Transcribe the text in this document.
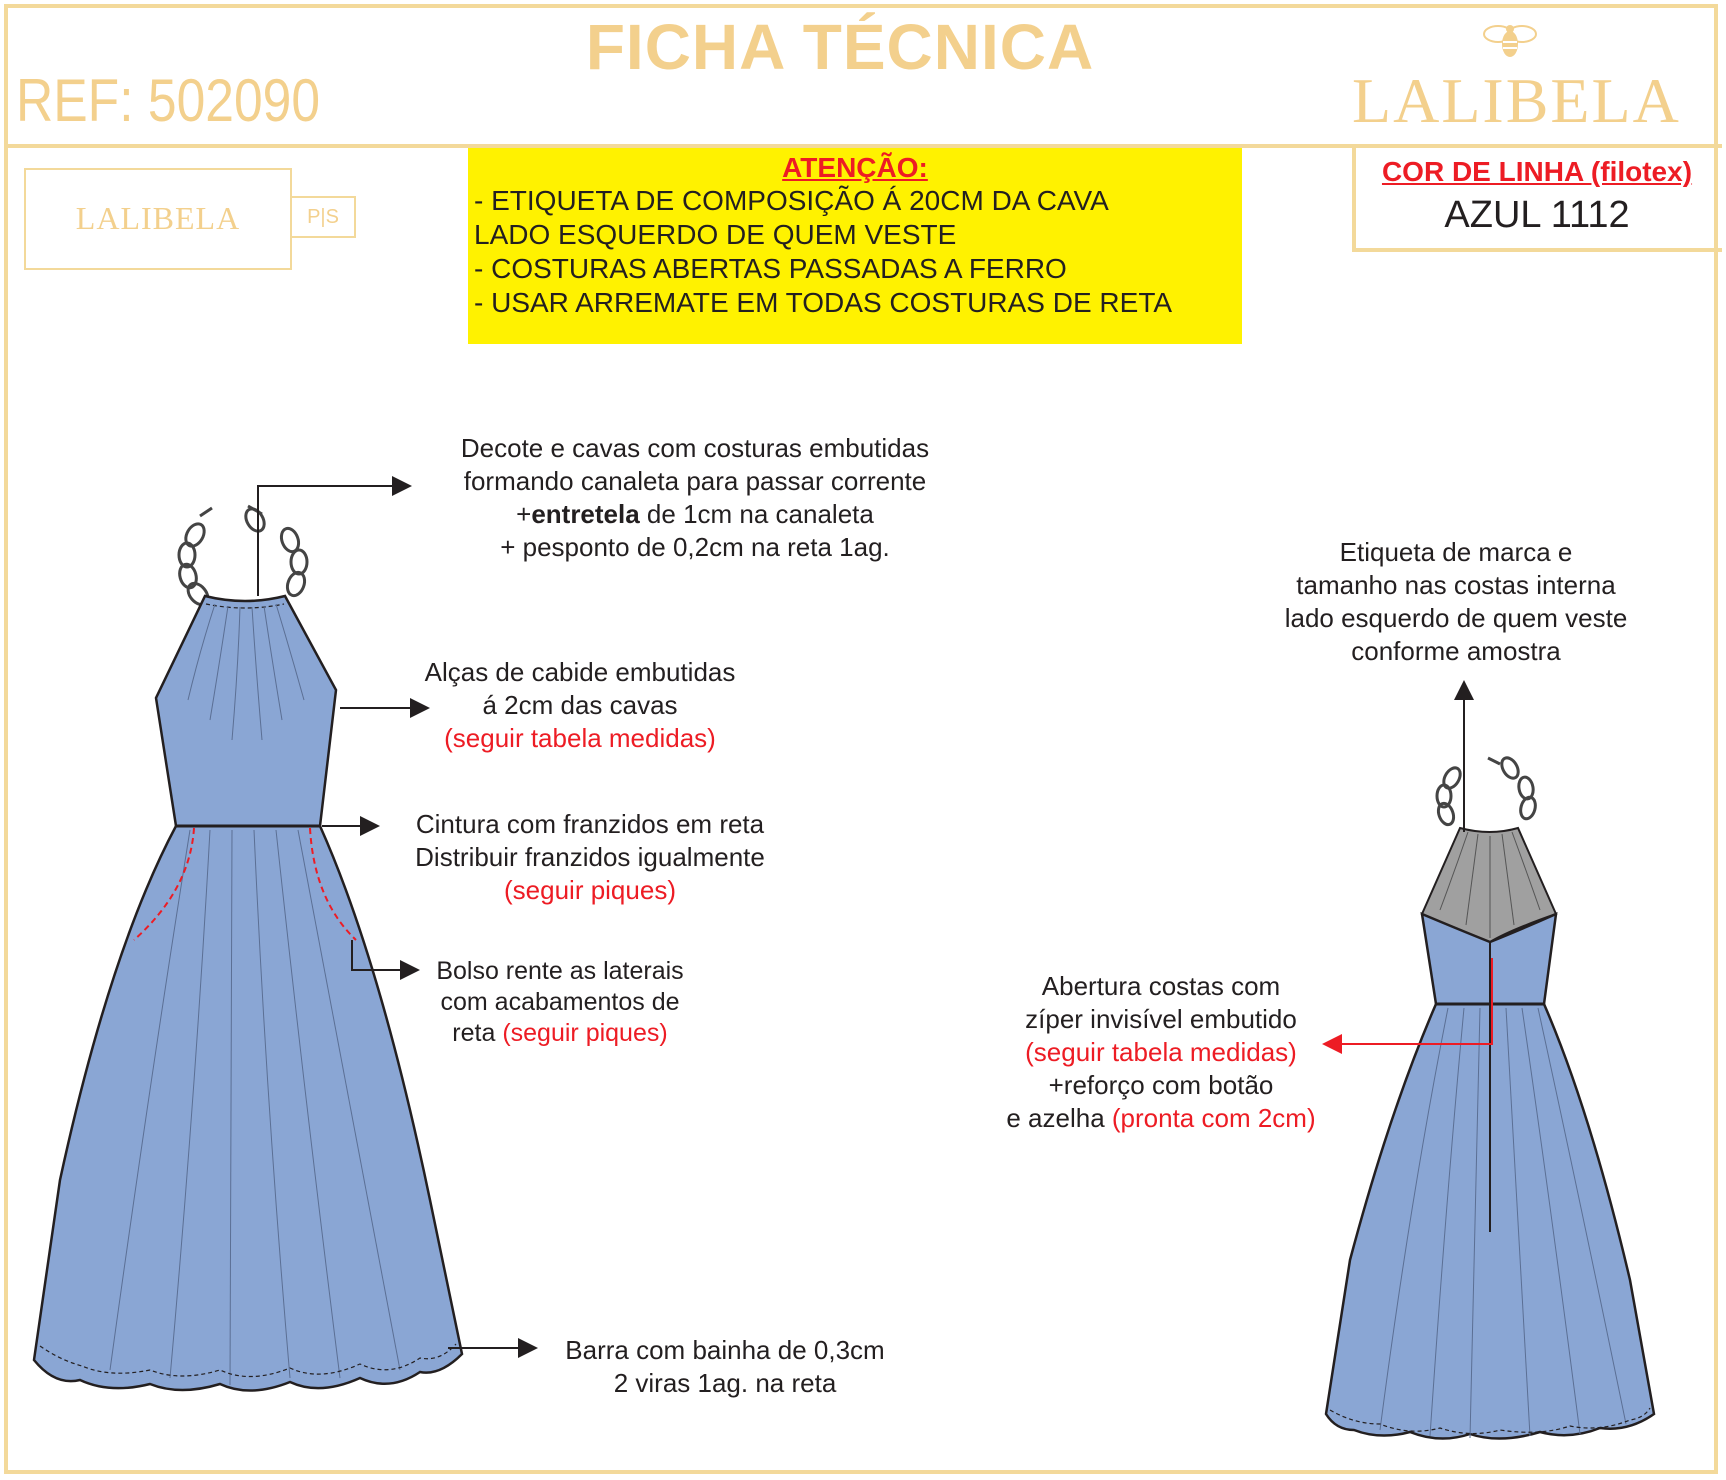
FICHA TÉCNICA
REF: 502090	LALIBELA
LALIBELA	P|S
ATENÇÃO:
- ETIQUETA DE COMPOSIÇÃO Á 20CM DA CAVA
LADO ESQUERDO DE QUEM VESTE
- COSTURAS ABERTAS PASSADAS A FERRO
- USAR ARREMATE EM TODAS COSTURAS DE RETA
COR DE LINHA (filotex)
AZUL 1112
Decote e cavas com costuras embutidas
formando canaleta para passar corrente
+entretela de 1cm na canaleta
+ pesponto de 0,2cm na reta 1ag.
Alças de cabide embutidas
á 2cm das cavas
(seguir tabela medidas)
Cintura com franzidos em reta
Distribuir franzidos igualmente
(seguir piques)
Bolso rente as laterais
com acabamentos de
reta (seguir piques)
Barra com bainha de 0,3cm
2 viras 1ag. na reta
Etiqueta de marca e
tamanho nas costas interna
lado esquerdo de quem veste
conforme amostra
Abertura costas com
zíper invisível embutido
(seguir tabela medidas)
+reforço com botão
e azelha (pronta com 2cm)
